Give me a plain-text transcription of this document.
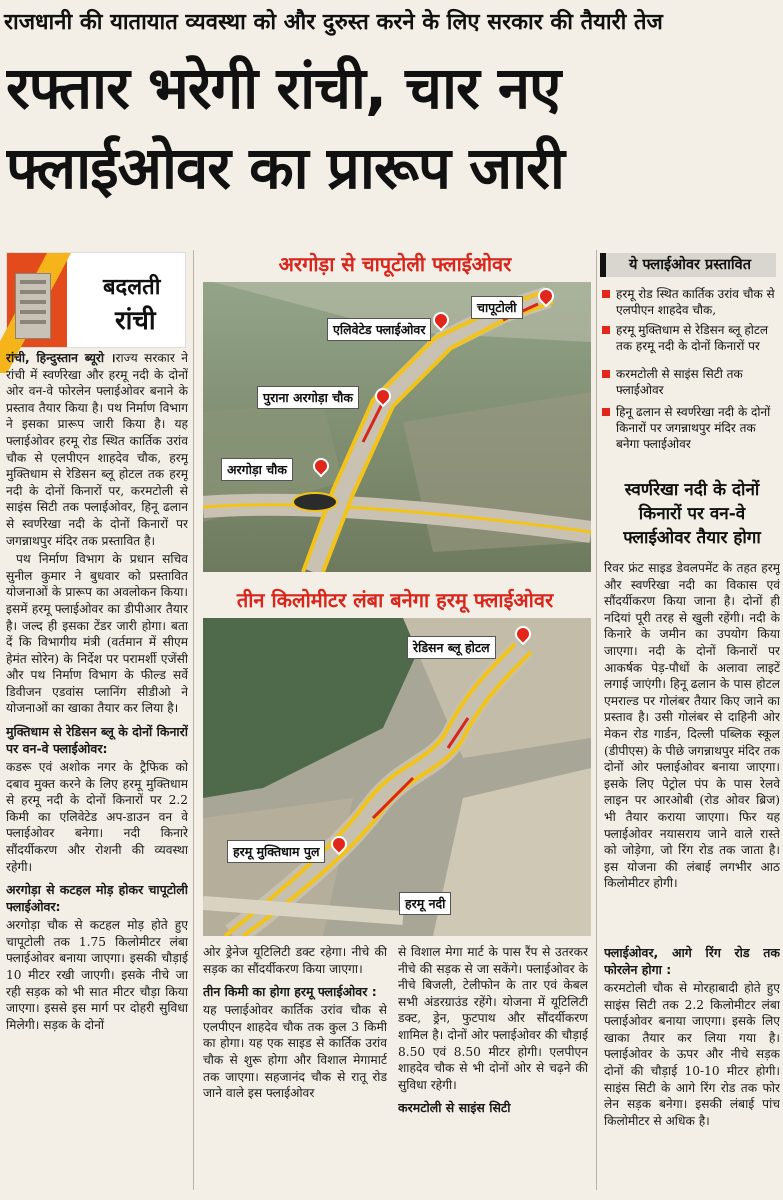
राजधानी की यातायात व्यवस्था को और दुरुस्त करने के लिए सरकार की तैयारी तेज
रफ्तार भरेगी रांची, चार नए
फ्लाईओवर का प्रारूप जारी
बदलती
रांची

रांची, हिन्दुस्तान ब्यूरो ।राज्य सरकार ने रांची में स्वर्णरेखा और हरमू नदी के दोनों ओर वन-वे फोरलेन फ्लाईओवर बनाने के प्रस्ताव तैयार किया है। पथ निर्माण विभाग ने इसका प्रारूप जारी किया है। यह फ्लाईओवर हरमू रोड स्थित कार्तिक उरांव चौक से एलपीएन शाहदेव चौक, हरमू मुक्तिधाम से रेडिसन ब्लू होटल तक हरमू नदी के दोनों किनारों पर, करमटोली से साइंस सिटी तक फ्लाईओवर, हिनू ढलान से स्वर्णरेखा नदी के दोनों किनारों पर जगन्नाथपुर मंदिर तक प्रस्तावित है।

पथ निर्माण विभाग के प्रधान सचिव सुनील कुमार ने बुधवार को प्रस्तावित योजनाओं के प्रारूप का अवलोकन किया। इसमें हरमू फ्लाईओवर का डीपीआर तैयार है। जल्द ही इसका टेंडर जारी होगा। बता दें कि विभागीय मंत्री (वर्तमान में सीएम हेमंत सोरेन) के निर्देश पर परामर्शी एजेंसी और पथ निर्माण विभाग के फील्ड सर्वे डिवीजन एडवांस प्लानिंग सीडीओ ने योजनाओं का खाका तैयार कर लिया है।

मुक्तिधाम से रेडिसन ब्लू के दोनों किनारों पर वन-वे फ्लाईओवर:

कडरू एवं अशोक नगर के ट्रैफिक को दबाव मुक्त करने के लिए हरमू मुक्तिधाम से हरमू नदी के दोनों किनारों पर 2.2 किमी का एलिवेटेड अप-डाउन वन वे फ्लाईओवर बनेगा। नदी किनारे सौंदर्यीकरण और रोशनी की व्यवस्था रहेगी।

अरगोड़ा से कटहल मोड़ होकर चापूटोली फ्लाईओवर:

अरगोड़ा चौक से कटहल मोड़ होते हुए चापूटोली तक 1.75 किलोमीटर लंबा फ्लाईओवर बनाया जाएगा। इसकी चौड़ाई 10 मीटर रखी जाएगी। इसके नीचे जा रही सड़क को भी सात मीटर चौड़ा किया जाएगा। इससे इस मार्ग पर दोहरी सुविधा मिलेगी। सड़क के दोनों

अरगोड़ा से चापूटोली फ्लाईओवर
चापूटोली
एलिवेटेड फ्लाईओवर
पुराना अरगोड़ा चौक
अरगोड़ा चौक
तीन किलोमीटर लंबा बनेगा हरमू फ्लाईओवर
रेडिसन ब्लू होटल
हरमू मुक्तिधाम पुल
हरमू नदी

ओर ड्रेनेज यूटिलिटी डक्ट रहेगा। नीचे की सड़क का सौंदर्यीकरण किया जाएगा।

तीन किमी का होगा हरमू फ्लाईओवर :

यह फ्लाईओवर कार्तिक उरांव चौक से एलपीएन शाहदेव चौक तक कुल 3 किमी का होगा। यह एक साइड से कार्तिक उरांव चौक से शुरू होगा और विशाल मेगामार्ट तक जाएगा। सहजानंद चौक से रातू रोड जाने वाले इस फ्लाईओवर

से विशाल मेगा मार्ट के पास रैंप से उतरकर नीचे की सड़क से जा सकेंगे। फ्लाईओवर के नीचे बिजली, टेलीफोन के तार एवं केबल सभी अंडरग्राउंड रहेंगे। योजना में यूटिलिटी डक्ट, ड्रेन, फुटपाथ और सौंदर्यीकरण शामिल है। दोनों ओर फ्लाईओवर की चौड़ाई 8.50 एवं 8.50 मीटर होगी। एलपीएन शाहदेव चौक से भी दोनों ओर से चढ़ने की सुविधा रहेगी।

करमटोली से साइंस सिटी
ये फ्लाईओवर प्रस्तावित
हरमू रोड स्थित कार्तिक उरांव चौक से एलपीएन शाहदेव चौक,
हरमू मुक्तिधाम से रेडिसन ब्लू होटल तक हरमू नदी के दोनों किनारों पर
करमटोली से साइंस सिटी तक फ्लाईओवर
हिनू ढलान से स्वर्णरेखा नदी के दोनों किनारों पर जगन्नाथपुर मंदिर तक बनेगा फ्लाईओवर
स्वर्णरेखा नदी के दोनों किनारों पर वन-वे फ्लाईओवर तैयार होगा

रिवर फ्रंट साइड डेवलपमेंट के तहत हरमू और स्वर्णरेखा नदी का विकास एवं सौंदर्यीकरण किया जाना है। दोनों ही नदियां पूरी तरह से खुली रहेंगी। नदी के किनारे के जमीन का उपयोग किया जाएगा। नदी के दोनों किनारों पर आकर्षक पेड़-पौधों के अलावा लाइटें लगाई जाएंगी। हिनू ढलान के पास होटल एमराल्ड पर गोलंबर तैयार किए जाने का प्रस्ताव है। उसी गोलंबर से दाहिनी ओर मेकन रोड गार्डन, दिल्ली पब्लिक स्कूल (डीपीएस) के पीछे जगन्नाथपुर मंदिर तक दोनों ओर फ्लाईओवर बनाया जाएगा। इसके लिए पेट्रोल पंप के पास रेलवे लाइन पर आरओबी (रोड ओवर ब्रिज) भी तैयार कराया जाएगा। फिर यह फ्लाईओवर नयासराय जाने वाले रास्ते को जोड़ेगा, जो रिंग रोड तक जाता है। इस योजना की लंबाई लगभीर आठ किलोमीटर होगी।

फ्लाईओवर, आगे रिंग रोड तक फोरलेन होगा :

करमटोली चौक से मोरहाबादी होते हुए साइंस सिटी तक 2.2 किलोमीटर लंबा फ्लाईओवर बनाया जाएगा। इसके लिए खाका तैयार कर लिया गया है। फ्लाईओवर के ऊपर और नीचे सड़क दोनों की चौड़ाई 10-10 मीटर होगी। साइंस सिटी के आगे रिंग रोड तक फोर लेन सड़क बनेगा। इसकी लंबाई पांच किलोमीटर से अधिक है।
